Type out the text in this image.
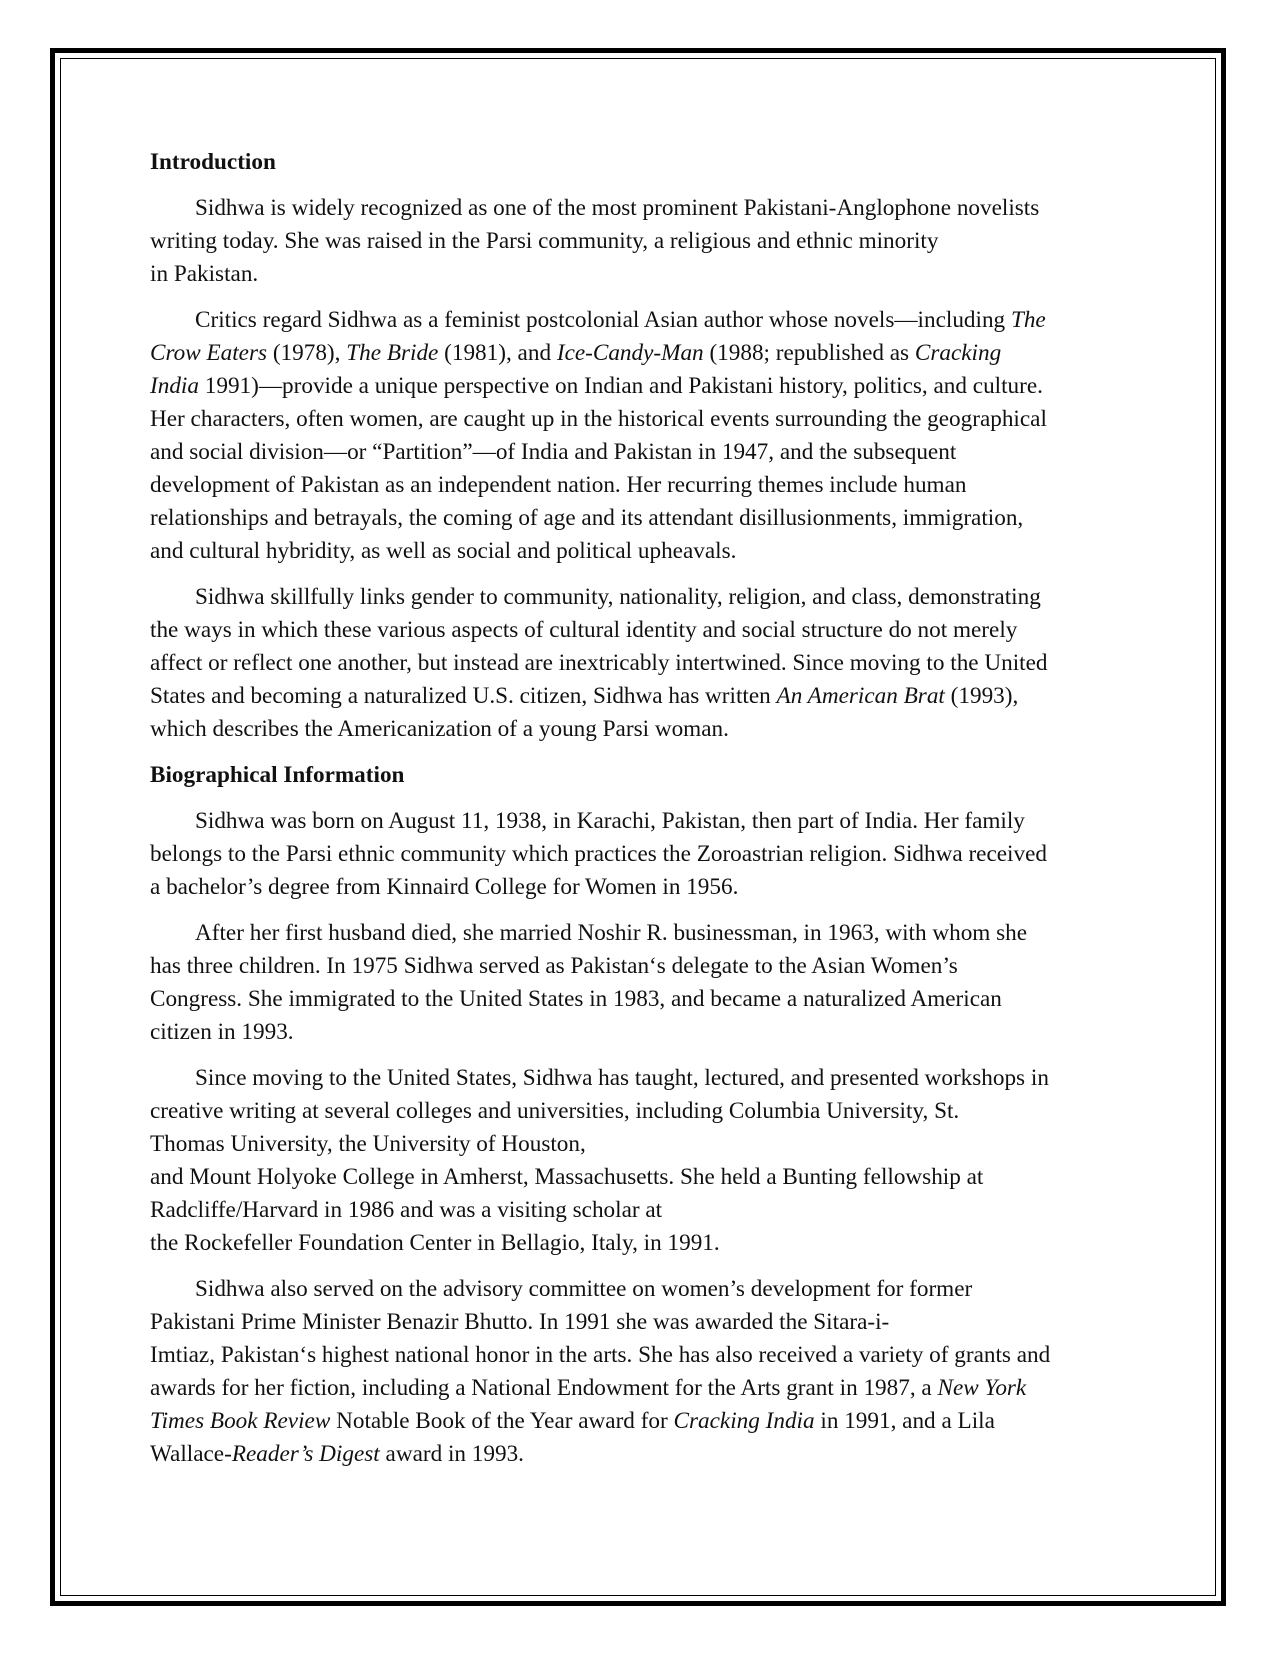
Introduction
Sidhwa is widely recognized as one of the most prominent Pakistani-Anglophone novelists
writing today. She was raised in the Parsi community, a religious and ethnic minority
in Pakistan.
Critics regard Sidhwa as a feminist postcolonial Asian author whose novels—including The
Crow Eaters (1978), The Bride (1981), and Ice-Candy-Man (1988; republished as Cracking
India 1991)—provide a unique perspective on Indian and Pakistani history, politics, and culture.
Her characters, often women, are caught up in the historical events surrounding the geographical
and social division—or “Partition”—of India and Pakistan in 1947, and the subsequent
development of Pakistan as an independent nation. Her recurring themes include human
relationships and betrayals, the coming of age and its attendant disillusionments, immigration,
and cultural hybridity, as well as social and political upheavals.
Sidhwa skillfully links gender to community, nationality, religion, and class, demonstrating
the ways in which these various aspects of cultural identity and social structure do not merely
affect or reflect one another, but instead are inextricably intertwined. Since moving to the United
States and becoming a naturalized U.S. citizen, Sidhwa has written An American Brat (1993),
which describes the Americanization of a young Parsi woman.
Biographical Information
Sidhwa was born on August 11, 1938, in Karachi, Pakistan, then part of India. Her family
belongs to the Parsi ethnic community which practices the Zoroastrian religion. Sidhwa received
a bachelor’s degree from Kinnaird College for Women in 1956.
After her first husband died, she married Noshir R. businessman, in 1963, with whom she
has three children. In 1975 Sidhwa served as Pakistan‘s delegate to the Asian Women’s
Congress. She immigrated to the United States in 1983, and became a naturalized American
citizen in 1993.
Since moving to the United States, Sidhwa has taught, lectured, and presented workshops in
creative writing at several colleges and universities, including Columbia University, St.
Thomas University, the University of Houston,
and Mount Holyoke College in Amherst, Massachusetts. She held a Bunting fellowship at
Radcliffe/Harvard in 1986 and was a visiting scholar at
the Rockefeller Foundation Center in Bellagio, Italy, in 1991.
Sidhwa also served on the advisory committee on women’s development for former
Pakistani Prime Minister Benazir Bhutto. In 1991 she was awarded the Sitara-i-
Imtiaz, Pakistan‘s highest national honor in the arts. She has also received a variety of grants and
awards for her fiction, including a National Endowment for the Arts grant in 1987, a New York
Times Book Review Notable Book of the Year award for Cracking India in 1991, and a Lila
Wallace-Reader’s Digest award in 1993.
